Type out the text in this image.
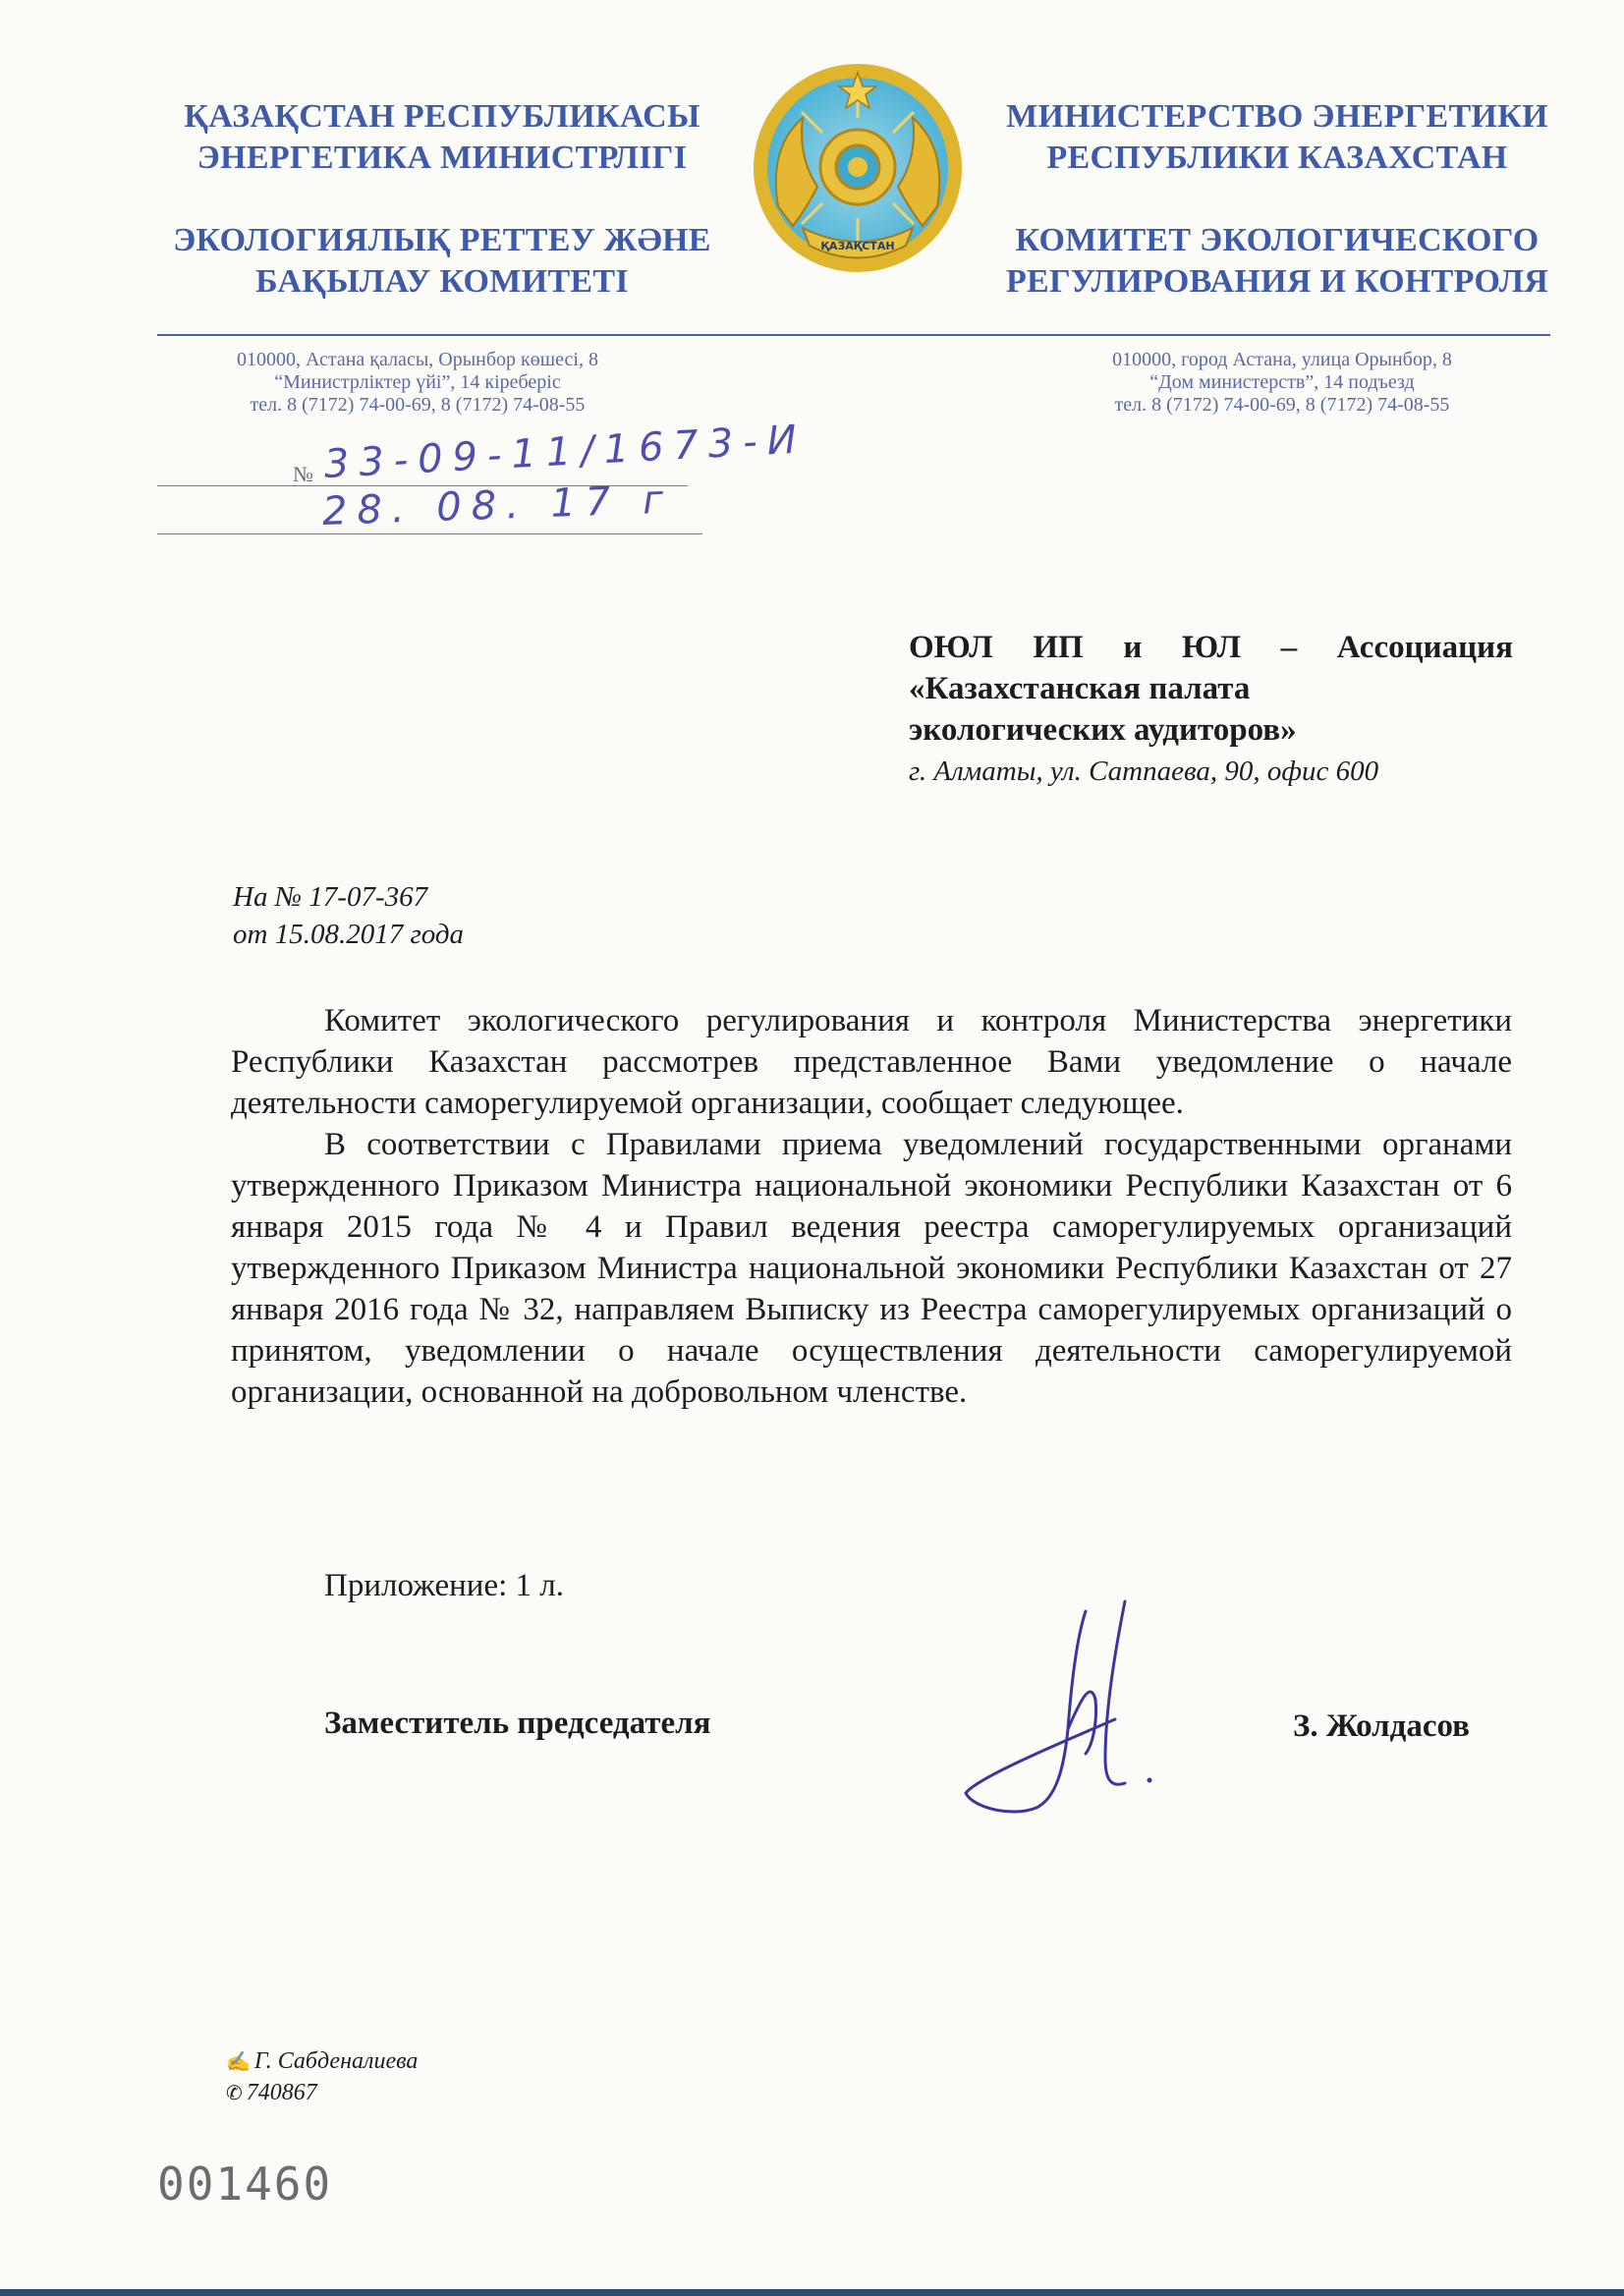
ҚАЗАҚСТАН РЕСПУБЛИКАСЫ

ЭНЕРГЕТИКА МИНИСТРЛІГІ

ЭКОЛОГИЯЛЫҚ РЕТТЕУ ЖӘНЕ

БАҚЫЛАУ КОМИТЕТІ

ҚАЗАҚСТАН

МИНИСТЕРСТВО ЭНЕРГЕТИКИ

РЕСПУБЛИКИ КАЗАХСТАН

КОМИТЕТ ЭКОЛОГИЧЕСКОГО

РЕГУЛИРОВАНИЯ И КОНТРОЛЯ

010000, Астана қаласы, Орынбор көшесі, 8

“Министрліктер үйі”, 14 кіреберіс

тел. 8 (7172) 74-00-69, 8 (7172) 74-08-55

010000, город Астана, улица Орынбор, 8

“Дом министерств”, 14 подъезд

тел. 8 (7172) 74-00-69, 8 (7172) 74-08-55

№ 33-09-11/1673-И
28. 08. 17 г

ОЮЛ ИП и ЮЛ – Ассоциация

«Казахстанская палата

экологических аудиторов»

г. Алматы, ул. Сатпаева, 90, офис 600

На № 17-07-367

от 15.08.2017 года

Комитет экологического регулирования и контроля Министерства энергетики Республики Казахстан рассмотрев представленное Вами уведомление о начале деятельности саморегулируемой организации, сообщает следующее.

В соответствии с Правилами приема уведомлений государственными органами утвержденного Приказом Министра национальной экономики Республики Казахстан от 6 января 2015 года № 4 и Правил ведения реестра саморегулируемых организаций утвержденного Приказом Министра национальной экономики Республики Казахстан от 27 января 2016 года № 32, направляем Выписку из Реестра саморегулируемых организаций о принятом, уведомлении о начале осуществления деятельности саморегулируемой организации, основанной на добровольном членстве.

Приложение: 1 л.

Заместитель председателя	З. Жолдасов

✍ Г. Сабденалиева

✆ 740867

001460
